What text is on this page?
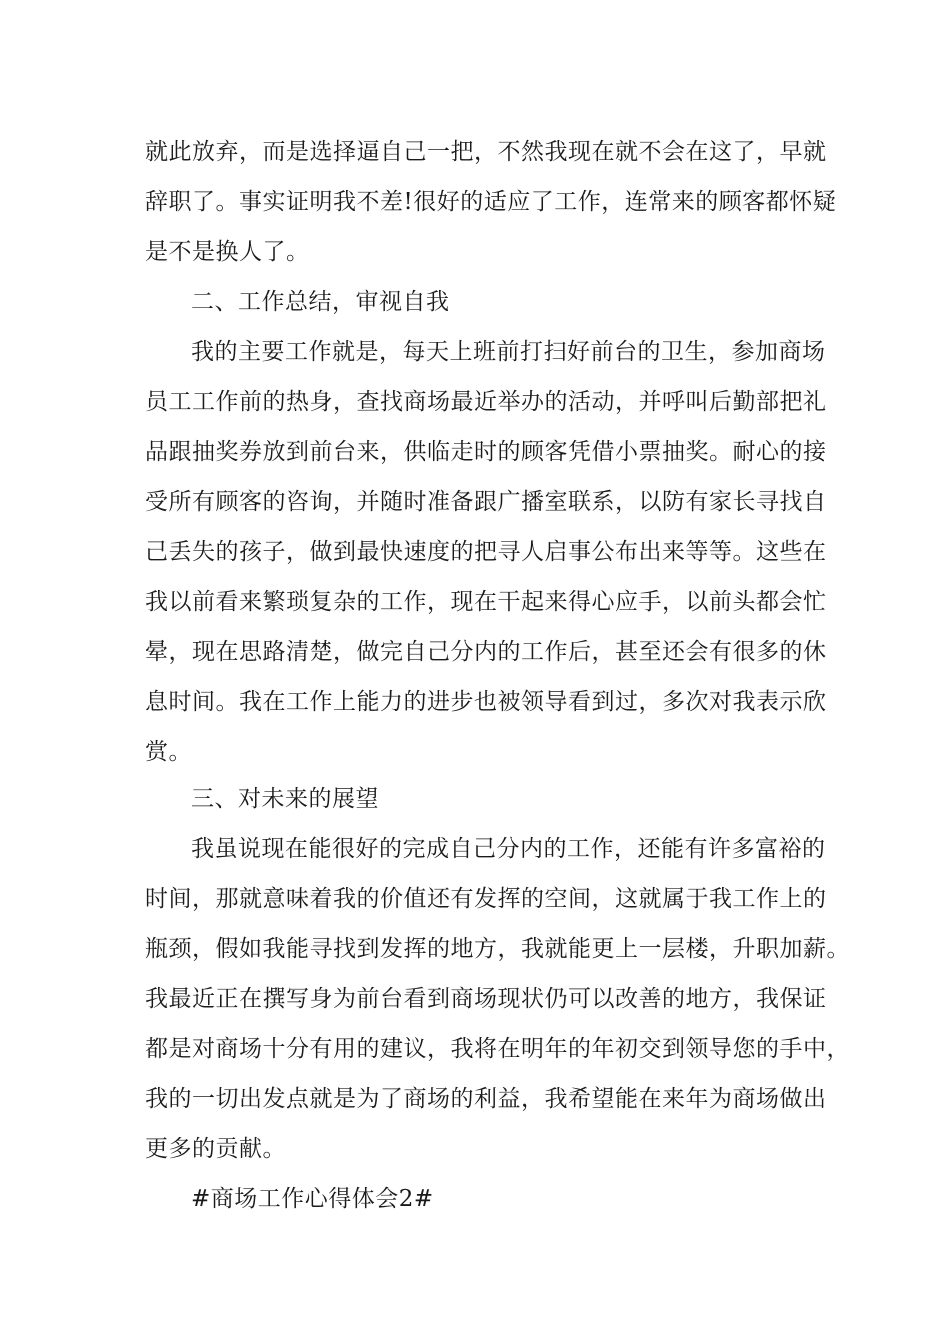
就此放弃，而是选择逼自己一把，不然我现在就不会在这了，早就
辞职了。事实证明我不差!很好的适应了工作，连常来的顾客都怀疑
是不是换人了。
二、工作总结，审视自我
我的主要工作就是，每天上班前打扫好前台的卫生，参加商场
员工工作前的热身，查找商场最近举办的活动，并呼叫后勤部把礼
品跟抽奖券放到前台来，供临走时的顾客凭借小票抽奖。耐心的接
受所有顾客的咨询，并随时准备跟广播室联系，以防有家长寻找自
己丢失的孩子，做到最快速度的把寻人启事公布出来等等。这些在
我以前看来繁琐复杂的工作，现在干起来得心应手，以前头都会忙
晕，现在思路清楚，做完自己分内的工作后，甚至还会有很多的休
息时间。我在工作上能力的进步也被领导看到过，多次对我表示欣
赏。
三、对未来的展望
我虽说现在能很好的完成自己分内的工作，还能有许多富裕的
时间，那就意味着我的价值还有发挥的空间，这就属于我工作上的
瓶颈，假如我能寻找到发挥的地方，我就能更上一层楼，升职加薪。
我最近正在撰写身为前台看到商场现状仍可以改善的地方，我保证
都是对商场十分有用的建议，我将在明年的年初交到领导您的手中，
我的一切出发点就是为了商场的利益，我希望能在来年为商场做出
更多的贡献。
#商场工作心得体会2#
